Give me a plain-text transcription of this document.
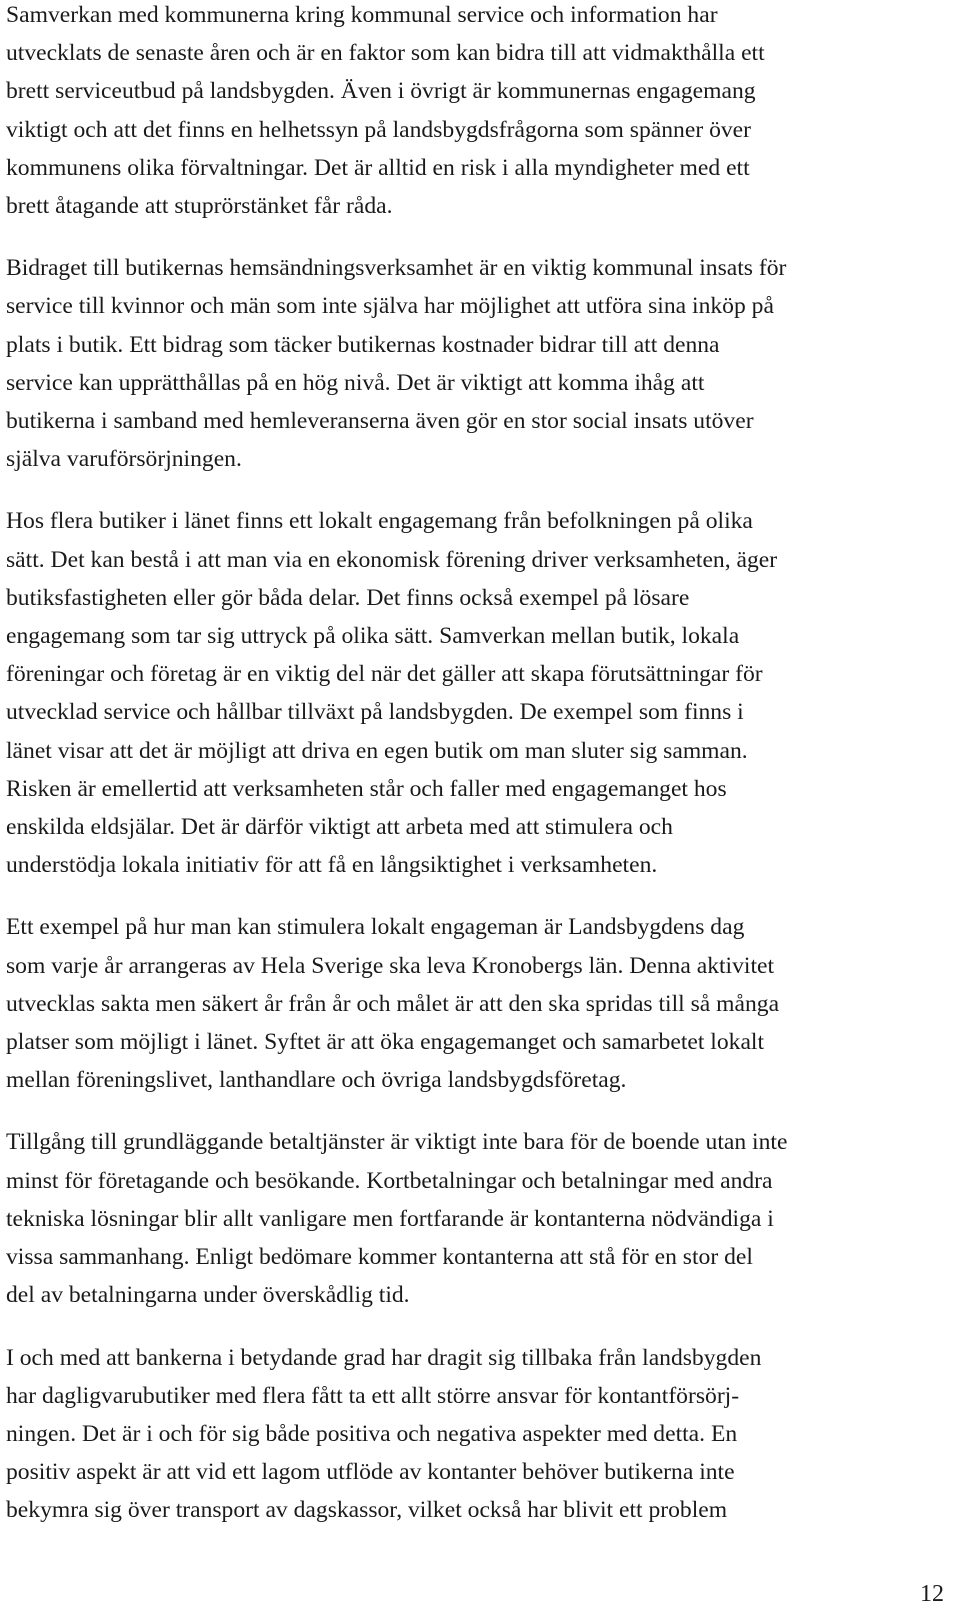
Samverkan med kommunerna kring kommunal service och information har
utvecklats de senaste åren och är en faktor som kan bidra till att vidmakthålla ett
brett serviceutbud på landsbygden. Även i övrigt är kommunernas engagemang
viktigt och att det finns en helhetssyn på landsbygdsfrågorna som spänner över
kommunens olika förvaltningar. Det är alltid en risk i alla myndigheter med ett
brett åtagande att stuprörstänket får råda.

Bidraget till butikernas hemsändningsverksamhet är en viktig kommunal insats för
service till kvinnor och män som inte själva har möjlighet att utföra sina inköp på
plats i butik. Ett bidrag som täcker butikernas kostnader bidrar till att denna
service kan upprätthållas på en hög nivå. Det är viktigt att komma ihåg att
butikerna i samband med hemleveranserna även gör en stor social insats utöver
själva varuförsörjningen.

Hos flera butiker i länet finns ett lokalt engagemang från befolkningen på olika
sätt. Det kan bestå i att man via en ekonomisk förening driver verksamheten, äger
butiksfastigheten eller gör båda delar. Det finns också exempel på lösare
engagemang som tar sig uttryck på olika sätt. Samverkan mellan butik, lokala
föreningar och företag är en viktig del när det gäller att skapa förutsättningar för
utvecklad service och hållbar tillväxt på landsbygden. De exempel som finns i
länet visar att det är möjligt att driva en egen butik om man sluter sig samman.
Risken är emellertid att verksamheten står och faller med engagemanget hos
enskilda eldsjälar. Det är därför viktigt att arbeta med att stimulera och
understödja lokala initiativ för att få en långsiktighet i verksamheten.

Ett exempel på hur man kan stimulera lokalt engageman är Landsbygdens dag
som varje år arrangeras av Hela Sverige ska leva Kronobergs län. Denna aktivitet
utvecklas sakta men säkert år från år och målet är att den ska spridas till så många
platser som möjligt i länet. Syftet är att öka engagemanget och samarbetet lokalt
mellan föreningslivet, lanthandlare och övriga landsbygdsföretag.

Tillgång till grundläggande betaltjänster är viktigt inte bara för de boende utan inte
minst för företagande och besökande. Kortbetalningar och betalningar med andra
tekniska lösningar blir allt vanligare men fortfarande är kontanterna nödvändiga i
vissa sammanhang. Enligt bedömare kommer kontanterna att stå för en stor del
del av betalningarna under överskådlig tid.

I och med att bankerna i betydande grad har dragit sig tillbaka från landsbygden
har dagligvarubutiker med flera fått ta ett allt större ansvar för kontantförsörj-
ningen. Det är i och för sig både positiva och negativa aspekter med detta. En
positiv aspekt är att vid ett lagom utflöde av kontanter behöver butikerna inte
bekymra sig över transport av dagskassor, vilket också har blivit ett problem

12
